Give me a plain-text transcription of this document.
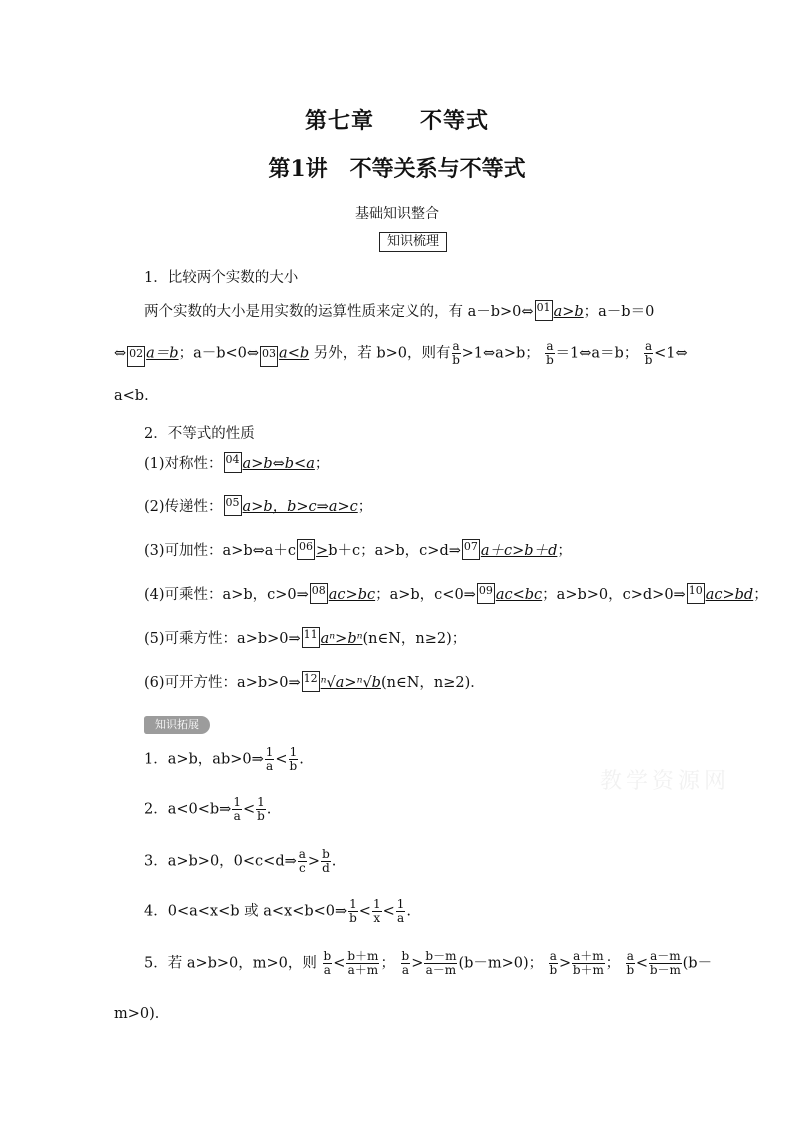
第七章　　不等式
第1讲　不等关系与不等式
基础知识整合
知识梳理
1．比较两个实数的大小
两个实数的大小是用实数的运算性质来定义的，有 a－b>0⇔ 01 a>b；a－b＝0
⇔ 02 a＝b；a－b<0⇔ 03 a<b 另外，若 b>0，则有 $\frac{a}{b}$ >1⇔a>b； $\frac{a}{b}$ ＝1⇔a＝b； $\frac{a}{b}$ <1⇔
a<b.
2．不等式的性质
(1)对称性： 04 a>b⇔b<a；
(2)传递性： 05 a>b，b>c⇒a>c；
(3)可加性：a>b⇔a＋c 06 >b＋c；a>b，c>d⇒ 07 a＋c>b＋d；
(4)可乘性：a>b，c>0⇒ 08 ac>bc；a>b，c<0⇒ 09 ac<bc；a>b>0，c>d>0⇒ 10 ac>bd；
(5)可乘方性：a>b>0⇒ 11 aⁿ>bⁿ(n∈N，n≥2)；
(6)可开方性：a>b>0⇒ 12 ⁿ√a>ⁿ√b(n∈N，n≥2)．
知识拓展
教学资源网
1．a>b，ab>0⇒ $\frac{1}{a} < \frac{1}{b}$ .
2．a<0<b⇒ $\frac{1}{a} < \frac{1}{b}$ .
3．a>b>0，0<c<d⇒ $\frac{a}{c} > \frac{b}{d}$ .
4．0<a<x<b 或 a<x<b<0⇒ $\frac{1}{b} < \frac{1}{x} < \frac{1}{a}$ .
5．若 a>b>0，m>0，则 $\frac{b}{a} < \frac{b+m}{a+m}$ ； $\frac{b}{a} > \frac{b-m}{a-m} (b-m>0)$； $\frac{a}{b} > \frac{a+m}{b+m}$ ； $\frac{a}{b} < \frac{a-m}{b-m} (b-$
m>0)．
